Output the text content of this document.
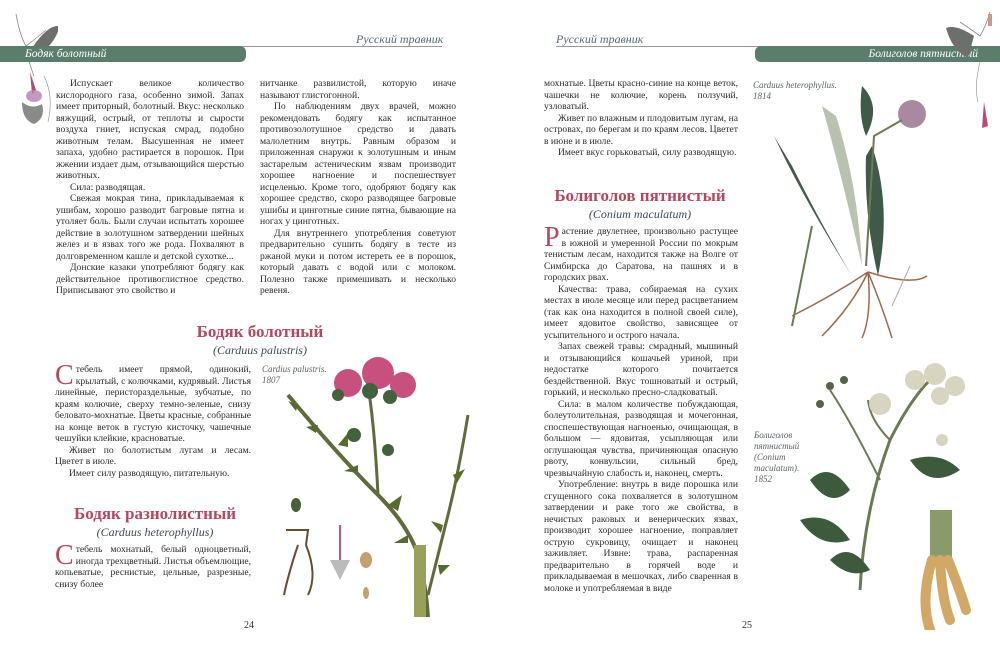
Русский травник
Бодяк болотный

Испускает великое количество кислородного газа, особенно зимой. Запах имеет приторный, болотный. Вкус: несколько вяжущий, острый, от теплоты и сырости воздуха гниет, испуская смрад, подобно животным телам. Высушенная не имеет запаха, удобно растирается в порошок. При жжении издает дым, отзывающийся шерстью животных.

Сила: разводящая.

Свежая мокрая тина, прикладываемая к ушибам, хорошо разводит багровые пятна и утоляет боль. Были случаи испытать хорошее действие в золотушном затвердении шейных желез и в язвах того же рода. Похваляют в долговременном кашле и детской сухотке...

Донские казаки употребляют бодягу как действительное противоглистное средство. Приписывают это свойство и

нитчанке развилистой, которую иначе называют глистогонной.

По наблюдениям двух врачей, можно рекомендовать бодягу как испытанное противозолотушное средство и давать малолетним внутрь. Равным образом и приложенная снаружи к золотушным и иным застарелым астеническим язвам производит хорошее нагноение и поспешествует исцеленью. Кроме того, одобряют бодягу как хорошее средство, скоро разводящее багровые ушибы и цинготные синие пятна, бывающие на ногах у цинготных.

Для внутреннего употребления советуют предварительно сушить бодягу в тесте из ржаной муки и потом истереть ее в порошок, который давать с водой или с молоком. Полезно также примешивать и несколько ревеня.

Бодяк болотный
(Carduus palustris)

Стебель имеет прямой, одинокий, крылатый, с колючками, кудрявый. Листья линейные, перистораздельные, зубчатые, по краям колючие, сверху темно-зеленые, снизу беловато-мохнатые. Цветы красные, собранные на конце веток в густую кисточку, чашечные чешуйки клейкие, красноватые.

Живет по болотистым лугам и лесам. Цветет в июле.

Имеет силу разводящую, питательную.

Cardius palustris.
1807
Бодяк разнолистный
(Carduus heterophyllus)

Стебель мохнатый, белый одноцветный, иногда трехцветный. Листья объемлющие, копьеватые, реснистые, цельные, разрезные, снизу более

24
Русский травник
Болиголов пятнистый

мохнатые. Цветы красно-синие на конце веток, чашечки не колючие, корень ползучий, узловатый.

Живет по влажным и плодовитым лугам, на островах, по берегам и по краям лесов. Цветет в июне и в июле.

Имеет вкус горьковатый, силу разводящую.

Болиголов пятнистый
(Conium maculatum)

Растение двулетнее, произвольно растущее в южной и умеренной России по мокрым тенистым лесам, находится также на Волге от Симбирска до Саратова, на пашнях и в городских рвах.

Качества: трава, собираемая на сухих местах в июле месяце или перед расцветанием (так как она находится в полной своей силе), имеет ядовитое свойство, зависящее от усыпительного и острого начала.

Запах свежей травы: смрадный, мышиный и отзывающийся кошачьей уриной, при недостатке которого почитается бездейственной. Вкус тошноватый и острый, горький, и несколько пресно-сладковатый.

Сила: в малом количестве побуждающая, болеутолительная, разводящая и мочегонная, споспешествующая нагноенью, очищающая, в большом — ядовитая, усыпляющая или оглушающая чувства, причиняющая опасную рвоту, конвульсии, сильный бред, чрезвычайную слабость и, наконец, смерть.

Употребление: внутрь в виде порошка или сгущенного сока похваляется в золотушном затвердении и раке того же свойства, в нечистых раковых и венерических язвах, производит хорошее нагноение, поправляет острую сукровицу, очищает и наконец заживляет. Извне: трава, распаренная предварительно в горячей воде и прикладываемая в мешочках, либо сваренная в молоке и употребляемая в виде

Carduus heterophyllus.
1814
Болиголов
пятнистый
(Conium
maculatum).
1852
25
